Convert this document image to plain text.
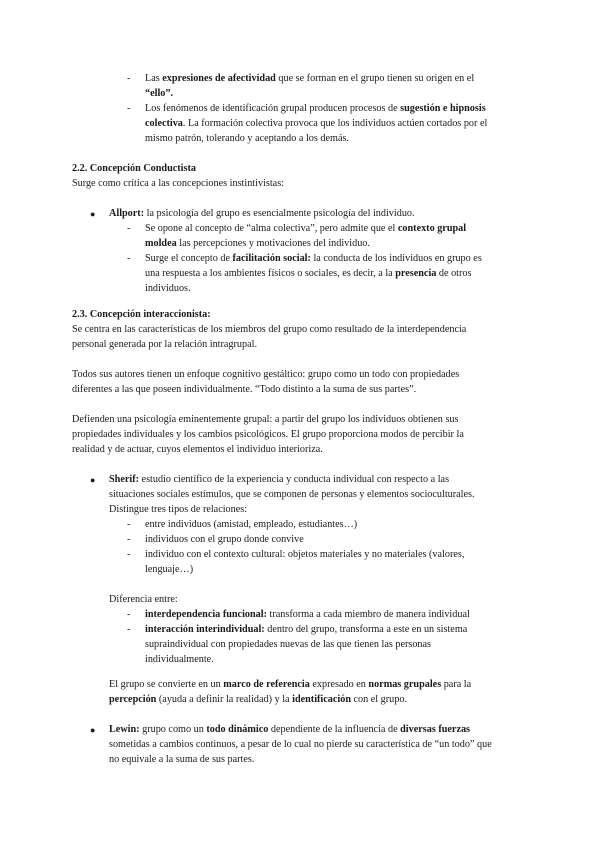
- Las expresiones de afectividad que se forman en el grupo tienen su origen en el
“ello”.
- Los fenómenos de identificación grupal producen procesos de sugestión e hipnosis
colectiva. La formación colectiva provoca que los individuos actúen cortados por el
mismo patrón, tolerando y aceptando a los demás.
2.2. Concepción Conductista
Surge como crítica a las concepciones instintivistas:
● Allport: la psicología del grupo es esencialmente psicología del individuo.
- Se opone al concepto de “alma colectiva”, pero admite que el contexto grupal
moldea las percepciones y motivaciones del individuo.
- Surge el concepto de facilitación social: la conducta de los individuos en grupo es
una respuesta a los ambientes físicos o sociales, es decir, a la presencia de otros
individuos.
2.3. Concepción interaccionista:
Se centra en las características de los miembros del grupo como resultado de la interdependencia
personal generada por la relación intragrupal.
Todos sus autores tienen un enfoque cognitivo gestáltico: grupo como un todo con propiedades
diferentes a las que poseen individualmente. “Todo distinto a la suma de sus partes”.
Defienden una psicología eminentemente grupal: a partir del grupo los individuos obtienen sus
propiedades individuales y los cambios psicológicos. El grupo proporciona modos de percibir la
realidad y de actuar, cuyos elementos el individuo interioriza.
● Sherif: estudio científico de la experiencia y conducta individual con respecto a las
situaciones sociales estímulos, que se componen de personas y elementos socioculturales.
Distingue tres tipos de relaciones:
- entre individuos (amistad, empleado, estudiantes…)
- individuos con el grupo donde convive
- individuo con el contexto cultural: objetos materiales y no materiales (valores,
lenguaje…)
Diferencia entre:
- interdependencia funcional: transforma a cada miembro de manera individual
- interacción interindividual: dentro del grupo, transforma a este en un sistema
supraindividual con propiedades nuevas de las que tienen las personas
individualmente.
El grupo se convierte en un marco de referencia expresado en normas grupales para la
percepción (ayuda a definir la realidad) y la identificación con el grupo.
● Lewin: grupo como un todo dinámico dependiente de la influencia de diversas fuerzas
sometidas a cambios continuos, a pesar de lo cual no pierde su característica de “un todo” que
no equivale a la suma de sus partes.
